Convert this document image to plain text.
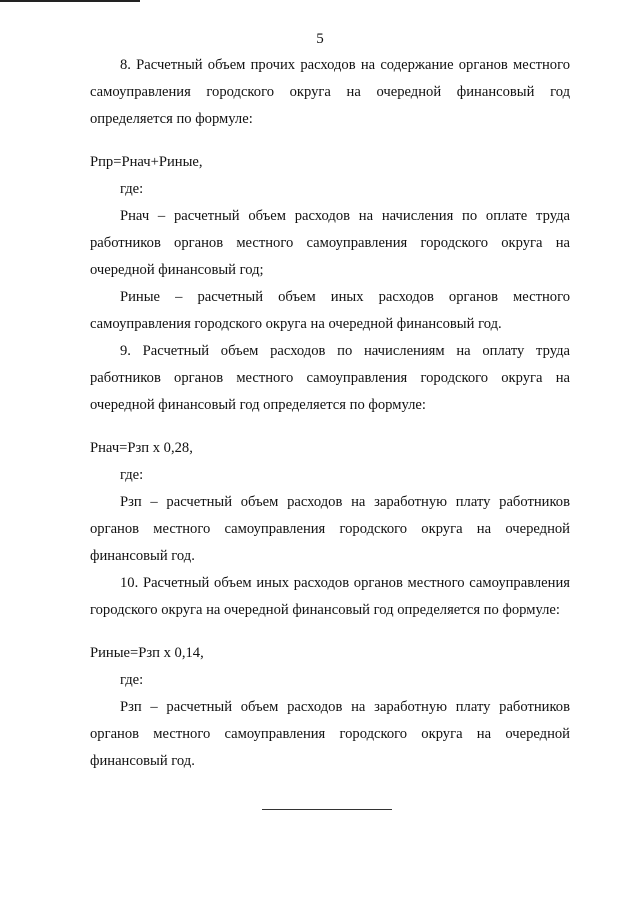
5

8. Расчетный объем прочих расходов на содержание органов местного самоуправления городского округа на очередной финансовый год определяется по формуле:

Рпр=Рнач+Риные,

где:

Рнач – расчетный объем расходов на начисления по оплате труда работников органов местного самоуправления городского округа на очередной финансовый год;

Риные – расчетный объем иных расходов органов местного самоуправления городского округа на очередной финансовый год.

9. Расчетный объем расходов по начислениям на оплату труда работников органов местного самоуправления городского округа на очередной финансовый год определяется по формуле:

Рнач=Рзп x 0,28,

где:

Рзп – расчетный объем расходов на заработную плату работников органов местного самоуправления городского округа на очередной финансовый год.

10. Расчетный объем иных расходов органов местного самоуправления городского округа на очередной финансовый год определяется по формуле:

Риные=Рзп x 0,14,

где:

Рзп – расчетный объем расходов на заработную плату работников органов местного самоуправления городского округа на очередной финансовый год.
